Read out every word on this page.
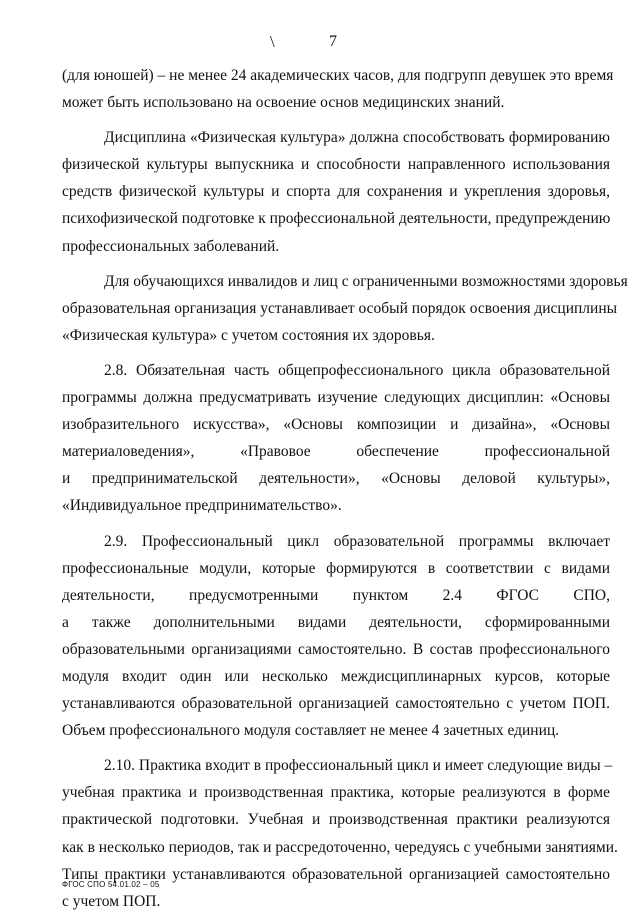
\	7
(для юношей) – не менее 24 академических часов, для подгрупп девушек это время
может быть использовано на освоение основ медицинских знаний.
Дисциплина «Физическая культура» должна способствовать формированию
физической культуры выпускника и способности направленного использования
средств физической культуры и спорта для сохранения и укрепления здоровья,
психофизической подготовке к профессиональной деятельности, предупреждению
профессиональных заболеваний.
Для обучающихся инвалидов и лиц с ограниченными возможностями здоровья
образовательная организация устанавливает особый порядок освоения дисциплины
«Физическая культура» с учетом состояния их здоровья.
2.8. Обязательная часть общепрофессионального цикла образовательной
программы должна предусматривать изучение следующих дисциплин: «Основы
изобразительного искусства», «Основы композиции и дизайна», «Основы
материаловедения», «Правовое обеспечение профессиональной
и предпринимательской деятельности», «Основы деловой культуры»,
«Индивидуальное предпринимательство».
2.9. Профессиональный цикл образовательной программы включает
профессиональные модули, которые формируются в соответствии с видами
деятельности, предусмотренными пунктом 2.4 ФГОС СПО,
а также дополнительными видами деятельности, сформированными
образовательными организациями самостоятельно. В состав профессионального
модуля входит один или несколько междисциплинарных курсов, которые
устанавливаются образовательной организацией самостоятельно с учетом ПОП.
Объем профессионального модуля составляет не менее 4 зачетных единиц.
2.10. Практика входит в профессиональный цикл и имеет следующие виды –
учебная практика и производственная практика, которые реализуются в форме
практической подготовки. Учебная и производственная практики реализуются
как в несколько периодов, так и рассредоточенно, чередуясь с учебными занятиями.
Типы практики устанавливаются образовательной организацией самостоятельно
с учетом ПОП.
ФГОС СПО 54.01.02 – 05
